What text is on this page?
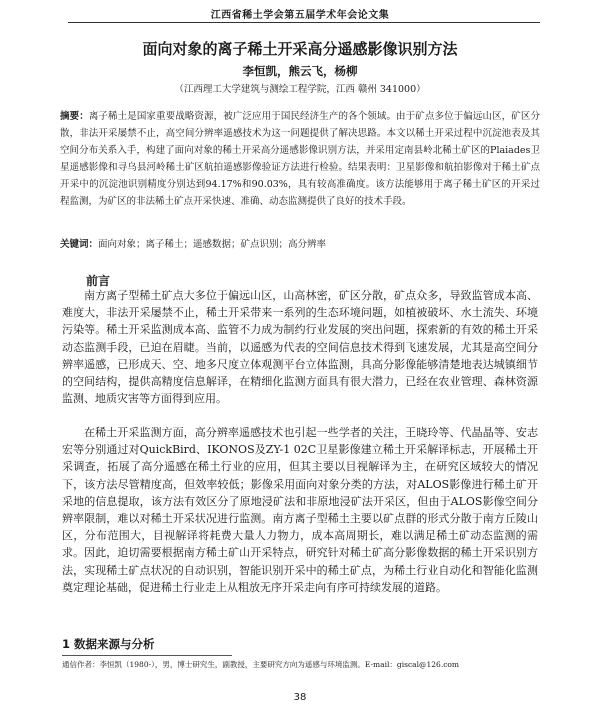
江西省稀土学会第五届学术年会论文集
面向对象的离子稀土开采高分遥感影像识别方法
李恒凯，熊云飞，杨柳
（江西理工大学建筑与测绘工程学院，江西 赣州 341000）
摘要：离子稀土是国家重要战略资源，被广泛应用于国民经济生产的各个领域。由于矿点多位于偏远山区，矿区分散，非法开采屡禁不止，高空间分辨率遥感技术为这一问题提供了解决思路。本文以稀土开采过程中沉淀池表及其空间分布关系入手，构建了面向对象的稀土开采高分遥感影像识别方法，并采用定南县岭北稀土矿区的Plaiades卫星遥感影像和寻乌县河岭稀土矿区航拍遥感影像验证方法进行检验。结果表明：卫星影像和航拍影像对于稀土矿点开采中的沉淀池识别精度分别达到94.17%和90.03%，具有较高准确度。该方法能够用于离子稀土矿区的开采过程监测，为矿区的非法稀土矿点开采快速、准确、动态监测提供了良好的技术手段。
关键词：面向对象；离子稀土；遥感数据；矿点识别；高分辨率
前言
南方离子型稀土矿点大多位于偏远山区，山高林密，矿区分散，矿点众多，导致监管成本高、难度大，非法开采屡禁不止，稀土开采带来一系列的生态环境问题，如植被破坏、水土流失、环境污染等。稀土开采监测成本高、监管不力成为制约行业发展的突出问题，探索新的有效的稀土开采动态监测手段，已迫在眉睫。当前，以遥感为代表的空间信息技术得到飞速发展，尤其是高空间分辨率遥感，已形成天、空、地多尺度立体观测平台立体监测，具高分影像能够清楚地表达城镇细节的空间结构，提供高精度信息解译，在精细化监测方面具有很大潜力，已经在农业管理、森林资源监测、地质灾害等方面得到应用。
在稀土开采监测方面，高分辨率遥感技术也引起一些学者的关注，王晓玲等、代晶晶等、安志宏等分别通过对QuickBird、IKONOS及ZY-1 02C卫星影像建立稀土开采解译标志，开展稀土开采调查，拓展了高分遥感在稀土行业的应用，但其主要以目视解译为主，在研究区域较大的情况下，该方法尽管精度高，但效率较低；影像采用面向对象分类的方法，对ALOS影像进行稀土矿开采地的信息提取，该方法有效区分了原地浸矿法和非原地浸矿法开采区，但由于ALOS影像空间分辨率限制，难以对稀土开采状况进行监测。南方离子型稀土主要以矿点群的形式分散于南方丘陵山区，分布范围大，目视解译将耗费大量人力物力，成本高周期长，难以满足稀土矿动态监测的需求。因此，迫切需要根据南方稀土矿山开采特点，研究针对稀土矿高分影像数据的稀土开采识别方法，实现稀土矿点状况的自动识别，智能识别开采中的稀土矿点，为稀土行业自动化和智能化监测奠定理论基础，促进稀土行业走上从粗放无序开采走向有序可持续发展的道路。
1 数据来源与分析
通信作者：李恒凯（1980-），男，博士研究生，副教授，主要研究方向为遥感与环境监测。E-mail：giscal@126.com
38
